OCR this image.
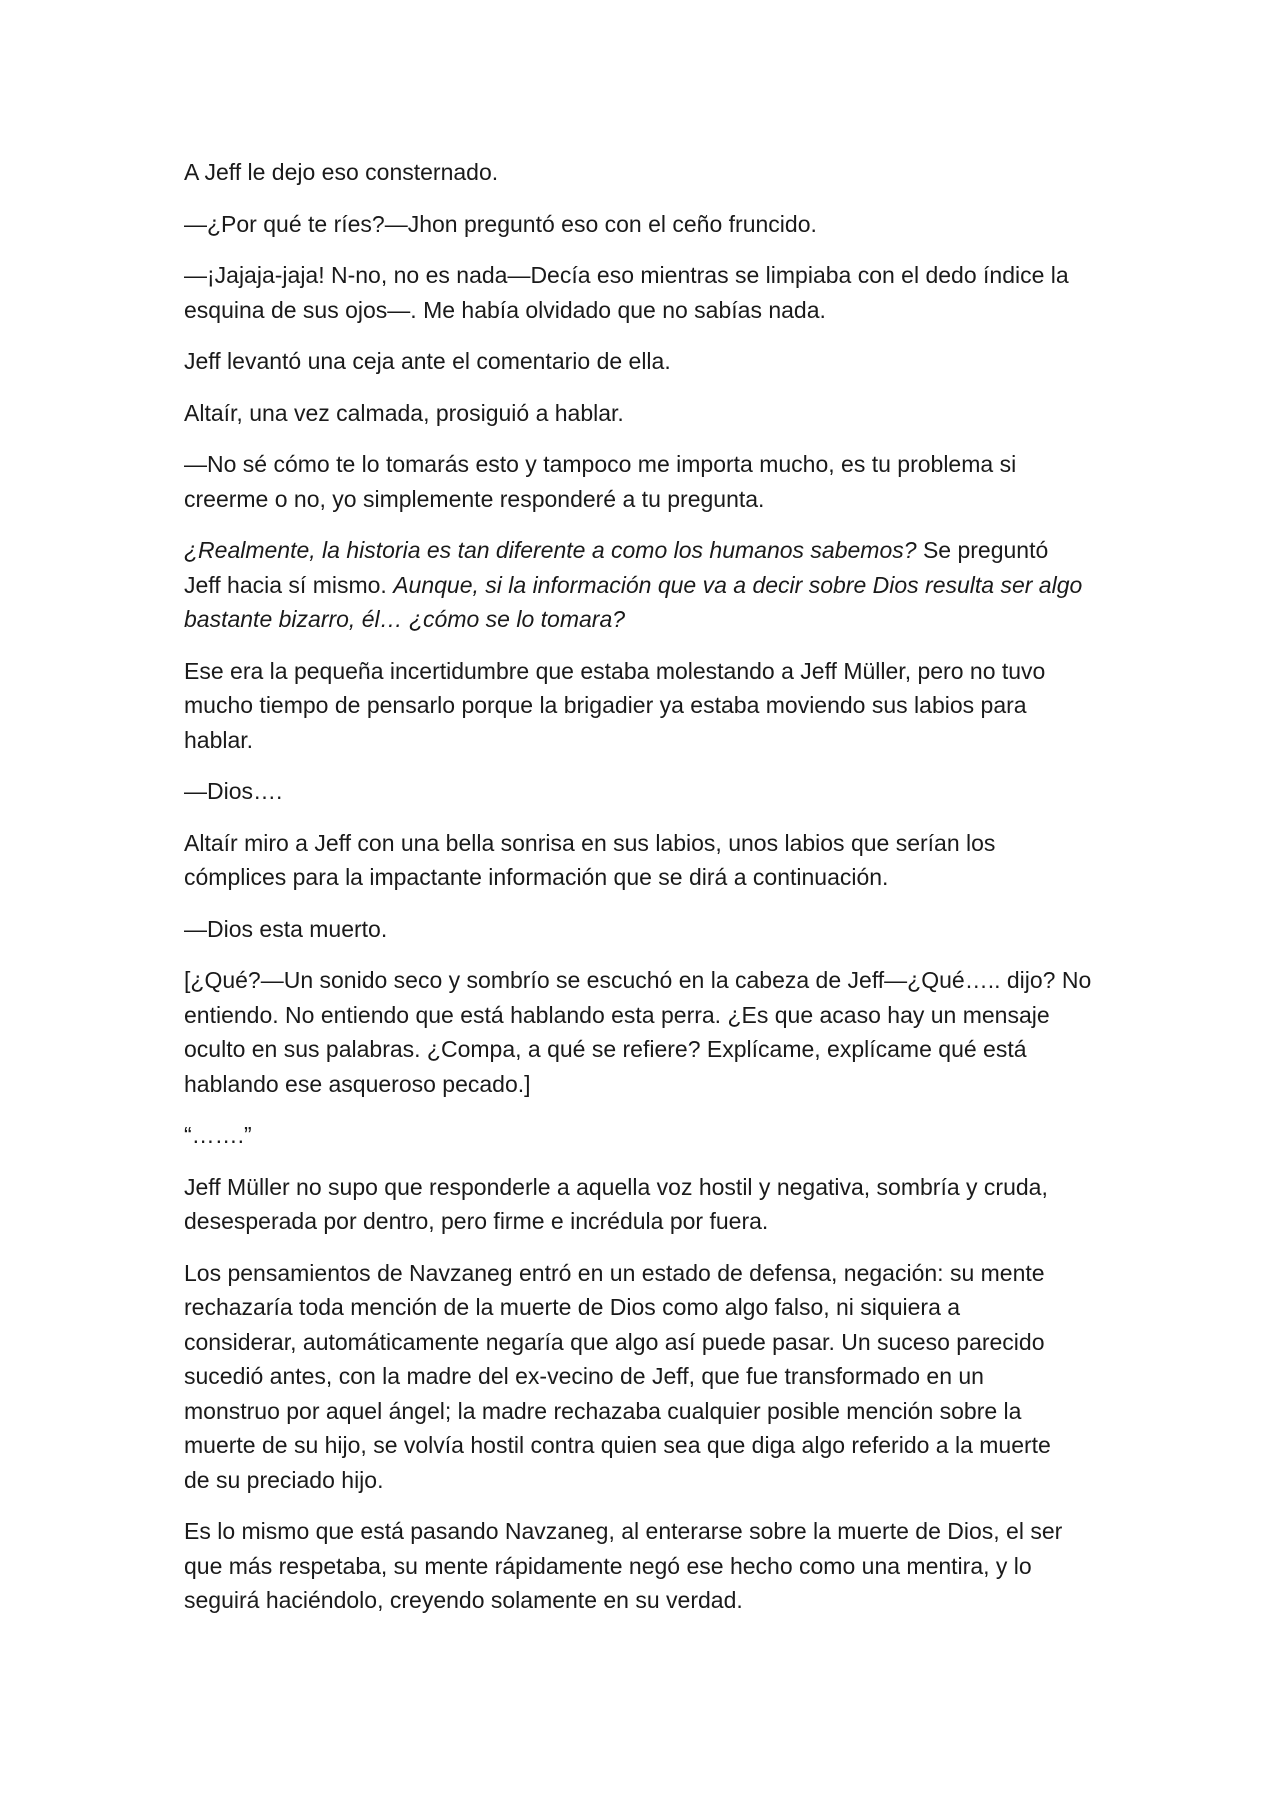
A Jeff le dejo eso consternado.

—¿Por qué te ríes?—Jhon preguntó eso con el ceño fruncido.

—¡Jajaja-jaja! N-no, no es nada—Decía eso mientras se limpiaba con el dedo índice la
esquina de sus ojos—. Me había olvidado que no sabías nada.

Jeff levantó una ceja ante el comentario de ella.

Altaír, una vez calmada, prosiguió a hablar.

—No sé cómo te lo tomarás esto y tampoco me importa mucho, es tu problema si
creerme o no, yo simplemente responderé a tu pregunta.

¿Realmente, la historia es tan diferente a como los humanos sabemos? Se preguntó
Jeff hacia sí mismo. Aunque, si la información que va a decir sobre Dios resulta ser algo
bastante bizarro, él… ¿cómo se lo tomara?

Ese era la pequeña incertidumbre que estaba molestando a Jeff Müller, pero no tuvo
mucho tiempo de pensarlo porque la brigadier ya estaba moviendo sus labios para
hablar.

—Dios….

Altaír miro a Jeff con una bella sonrisa en sus labios, unos labios que serían los
cómplices para la impactante información que se dirá a continuación.

—Dios esta muerto.

[¿Qué?—Un sonido seco y sombrío se escuchó en la cabeza de Jeff—¿Qué….. dijo? No
entiendo. No entiendo que está hablando esta perra. ¿Es que acaso hay un mensaje
oculto en sus palabras. ¿Compa, a qué se refiere? Explícame, explícame qué está
hablando ese asqueroso pecado.]

“…….”

Jeff Müller no supo que responderle a aquella voz hostil y negativa, sombría y cruda,
desesperada por dentro, pero firme e incrédula por fuera.

Los pensamientos de Navzaneg entró en un estado de defensa, negación: su mente
rechazaría toda mención de la muerte de Dios como algo falso, ni siquiera a
considerar, automáticamente negaría que algo así puede pasar. Un suceso parecido
sucedió antes, con la madre del ex-vecino de Jeff, que fue transformado en un
monstruo por aquel ángel; la madre rechazaba cualquier posible mención sobre la
muerte de su hijo, se volvía hostil contra quien sea que diga algo referido a la muerte
de su preciado hijo.

Es lo mismo que está pasando Navzaneg, al enterarse sobre la muerte de Dios, el ser
que más respetaba, su mente rápidamente negó ese hecho como una mentira, y lo
seguirá haciéndolo, creyendo solamente en su verdad.
